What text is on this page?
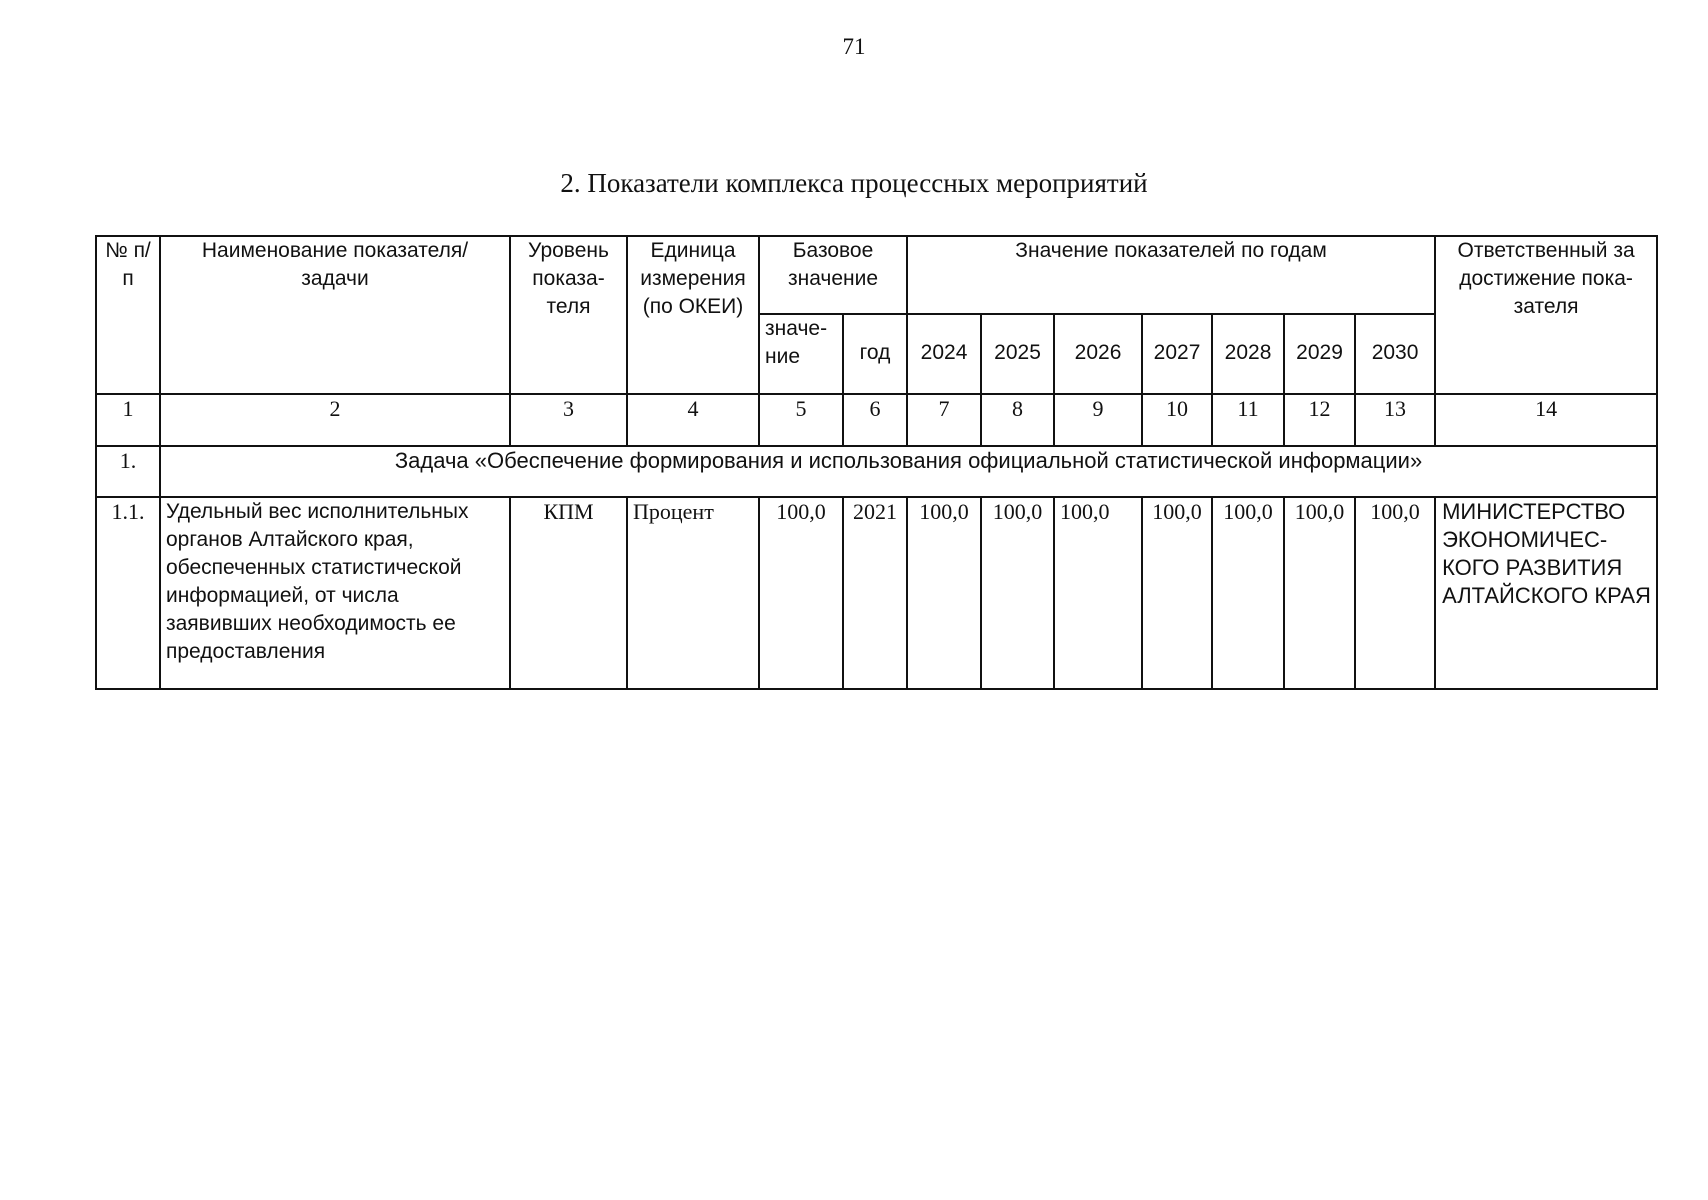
71
2. Показатели комплекса процессных мероприятий
№ п/п	Наименование показателя/ задачи	Уровень показа-теля	Единица измерения (по ОКЕИ)	Базовое значение		Значение показателей по годам							Ответственный за достижение пока-зателя
				значе-ние	год	2024	2025	2026	2027	2028	2029	2030	
1	2	3	4	5	6	7	8	9	10	11	12	13	14
1.	Задача «Обеспечение формирования и использования официальной статистической информации»												
1.1.	Удельный вес исполнительных органов Алтайского края, обеспеченных статистической информацией, от числа заявивших необходимость ее предоставления	КПМ	Процент	100,0	2021	100,0	100,0	100,0	100,0	100,0	100,0	100,0	МИНИСТЕРСТВО ЭКОНОМИЧЕС-КОГО РАЗВИТИЯ АЛТАЙСКОГО КРАЯ
